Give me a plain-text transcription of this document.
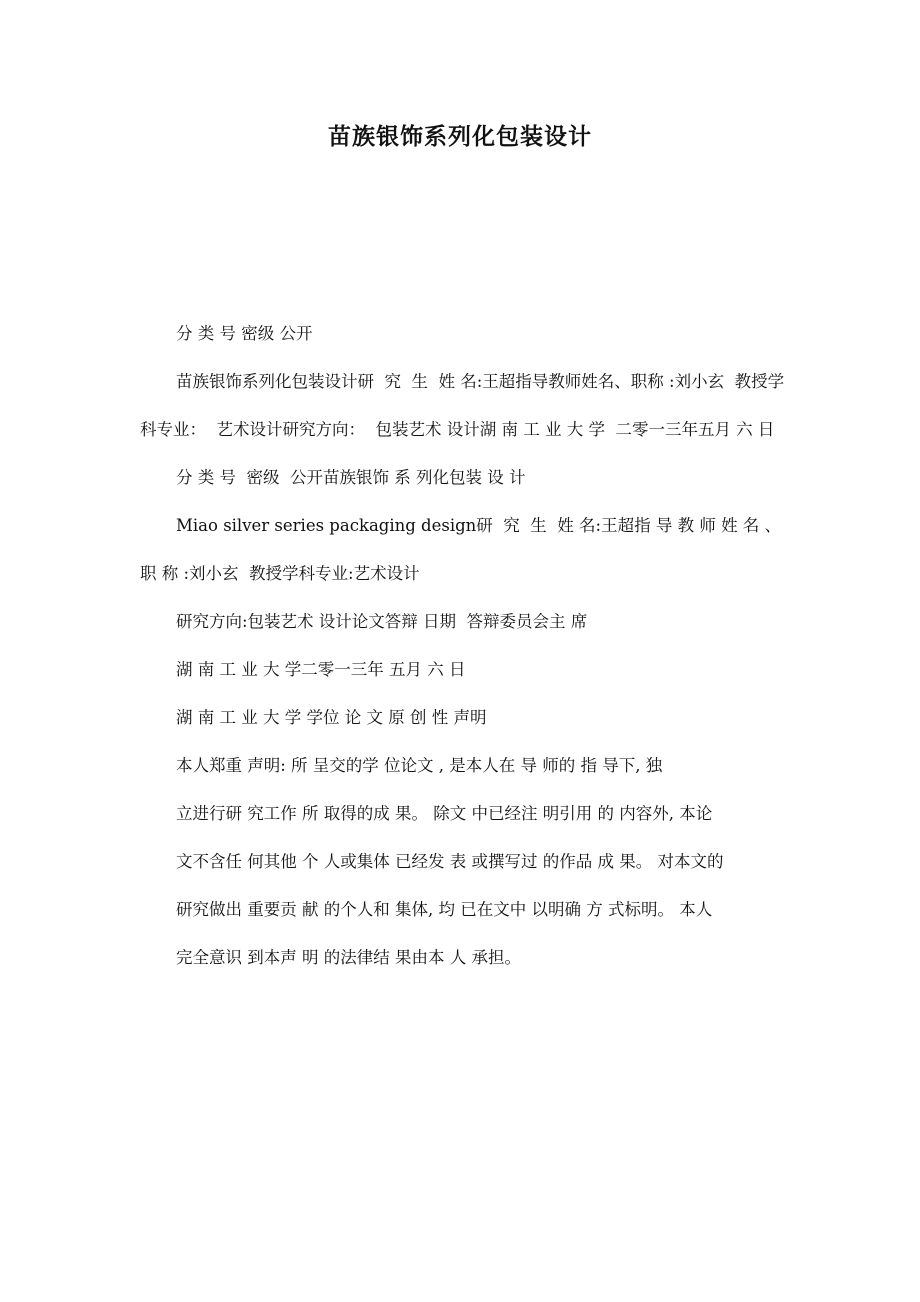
苗族银饰系列化包装设计

分 类 号 密级 公开

苗族银饰系列化包装设计研  究  生  姓 名:王超指导教师姓名、职称 :刘小玄  教授学科专业：  艺术设计研究方向：  包装艺术 设计湖 南 工 业 大 学  二零一三年五月 六 日

分 类 号  密级  公开苗族银饰 系 列化包装 设 计

Miao silver series packaging design研  究  生  姓 名:王超指 导 教 师 姓 名 、 职 称 :刘小玄  教授学科专业:艺术设计

研究方向:包装艺术 设计论文答辩 日期  答辩委员会主 席

湖 南 工 业 大 学二零一三年 五月 六 日

湖 南 工 业 大 学 学位 论 文 原 创 性 声明

本人郑重 声明: 所 呈交的学 位论文 , 是本人在 导 师的 指 导下, 独

立进行研 究工作 所 取得的成 果。 除文 中已经注 明引用 的 内容外, 本论

文不含任 何其他 个 人或集体 已经发 表 或撰写过 的作品 成 果。 对本文的

研究做出 重要贡 献 的个人和 集体, 均 已在文中 以明确 方 式标明。 本人

完全意识 到本声 明 的法律结 果由本 人 承担。
